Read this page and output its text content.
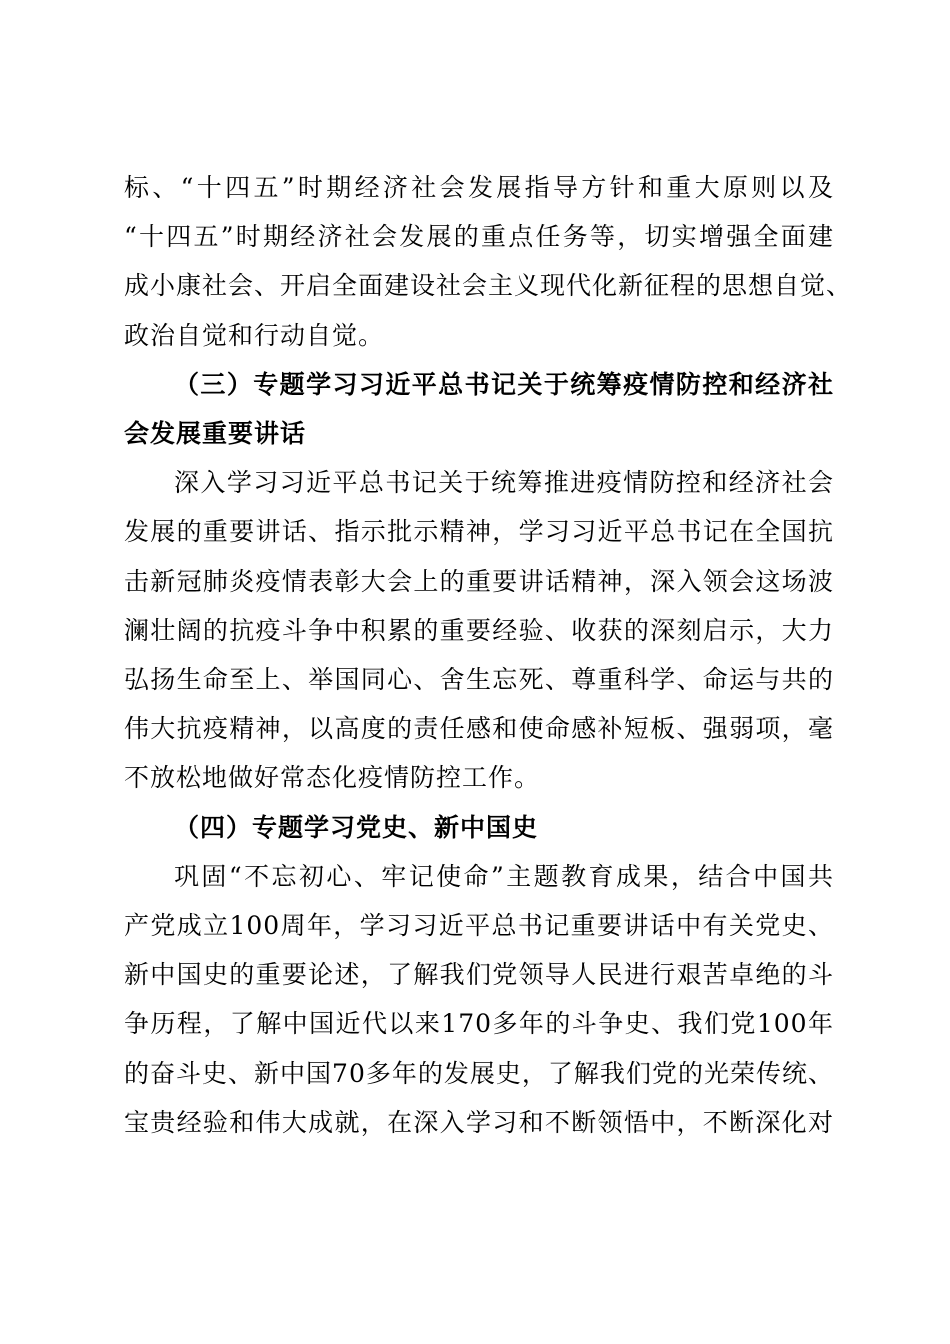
标、“十四五”时期经济社会发展指导方针和重大原则以及
“十四五”时期经济社会发展的重点任务等，切实增强全面建
成小康社会、开启全面建设社会主义现代化新征程的思想自觉、
政治自觉和行动自觉。
（三）专题学习习近平总书记关于统筹疫情防控和经济社
会发展重要讲话
深入学习习近平总书记关于统筹推进疫情防控和经济社会
发展的重要讲话、指示批示精神，学习习近平总书记在全国抗
击新冠肺炎疫情表彰大会上的重要讲话精神，深入领会这场波
澜壮阔的抗疫斗争中积累的重要经验、收获的深刻启示，大力
弘扬生命至上、举国同心、舍生忘死、尊重科学、命运与共的
伟大抗疫精神，以高度的责任感和使命感补短板、强弱项，毫
不放松地做好常态化疫情防控工作。
（四）专题学习党史、新中国史
巩固“不忘初心、牢记使命”主题教育成果，结合中国共
产党成立100周年，学习习近平总书记重要讲话中有关党史、
新中国史的重要论述，了解我们党领导人民进行艰苦卓绝的斗
争历程，了解中国近代以来170多年的斗争史、我们党100年
的奋斗史、新中国70多年的发展史，了解我们党的光荣传统、
宝贵经验和伟大成就，在深入学习和不断领悟中，不断深化对
